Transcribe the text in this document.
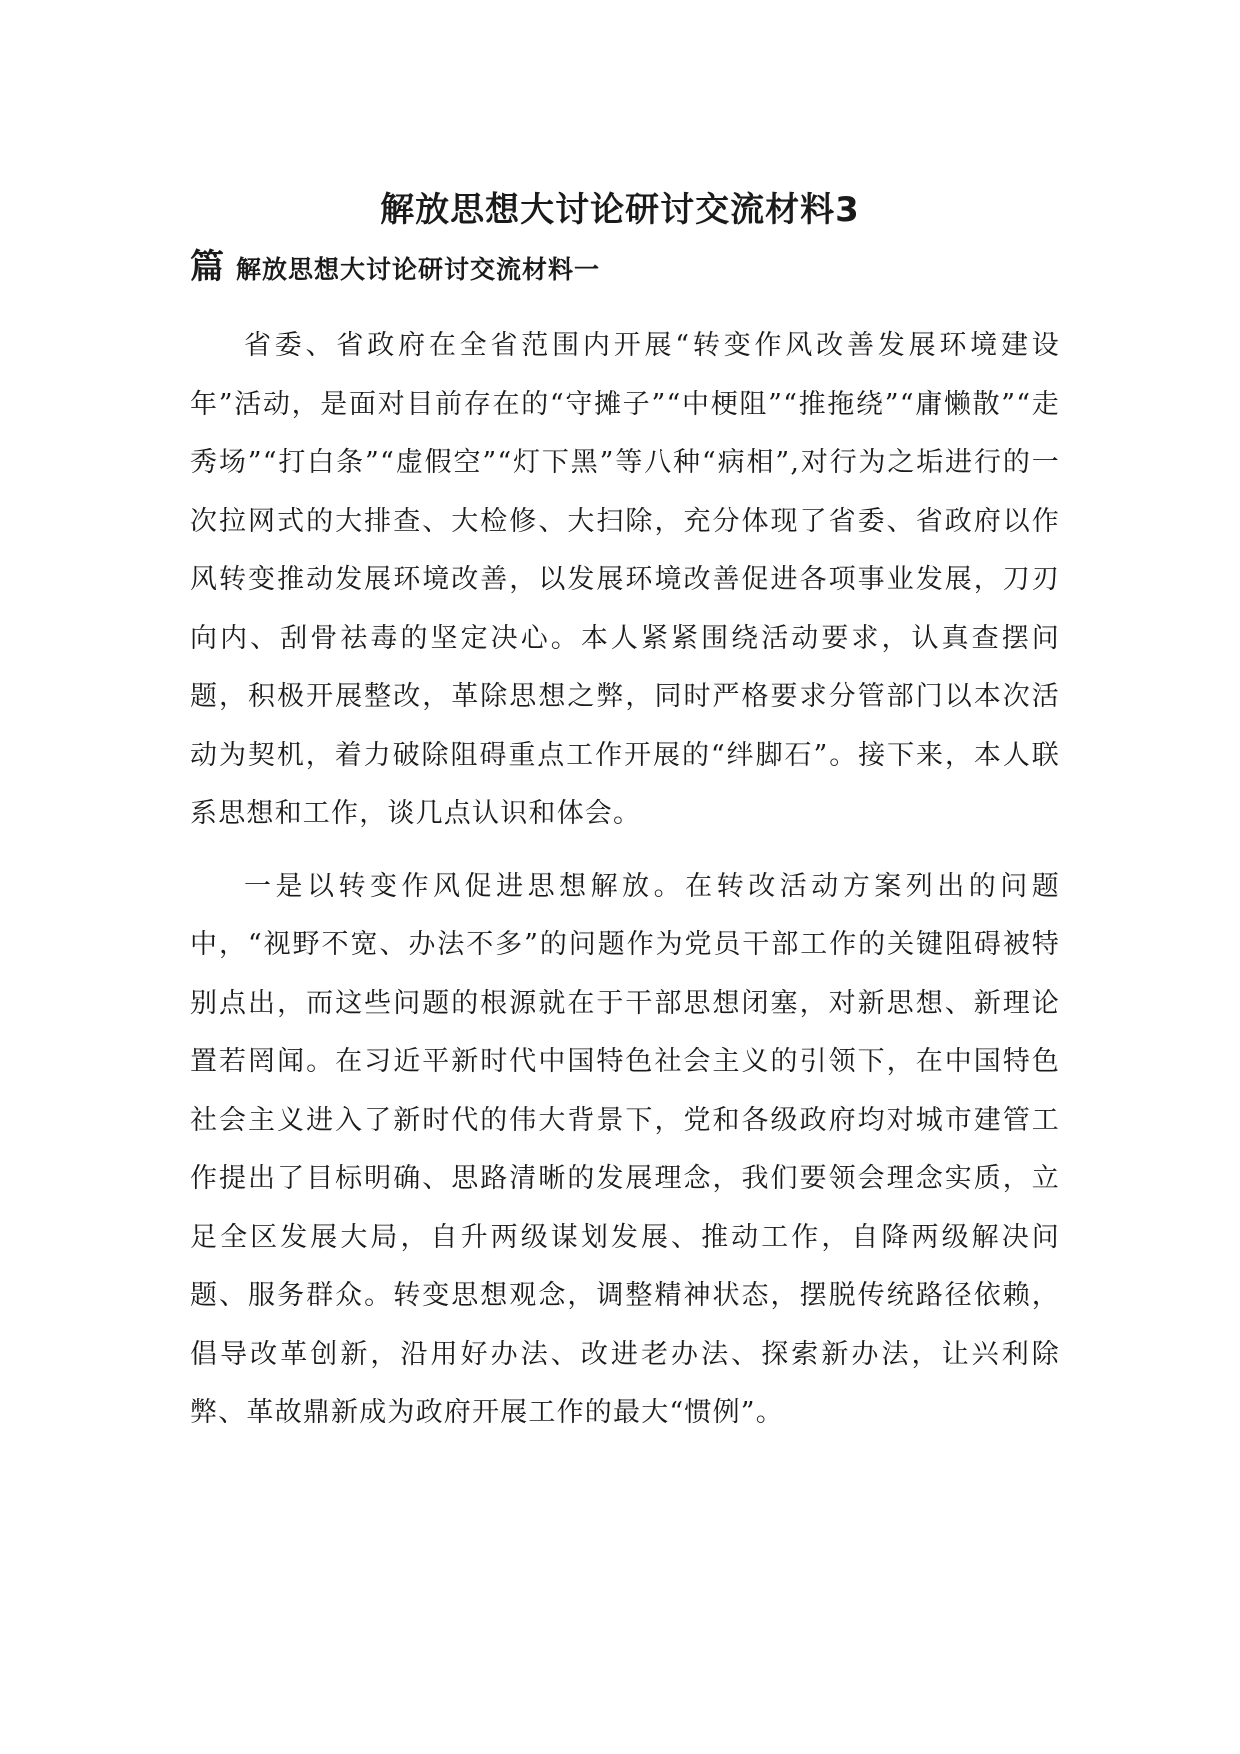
解放思想大讨论研讨交流材料3
篇 解放思想大讨论研讨交流材料一

省委、省政府在全省范围内开展“转变作风改善发展环境建设年”活动，是面对目前存在的“守摊子”“中梗阻”“推拖绕”“庸懒散”“走秀场”“打白条”“虚假空”“灯下黑”等八种“病相”,对行为之垢进行的一次拉网式的大排查、大检修、大扫除，充分体现了省委、省政府以作风转变推动发展环境改善，以发展环境改善促进各项事业发展，刀刃向内、刮骨祛毒的坚定决心。本人紧紧围绕活动要求，认真查摆问题，积极开展整改，革除思想之弊，同时严格要求分管部门以本次活动为契机，着力破除阻碍重点工作开展的“绊脚石”。接下来，本人联系思想和工作，谈几点认识和体会。

一是以转变作风促进思想解放。在转改活动方案列出的问题中，“视野不宽、办法不多”的问题作为党员干部工作的关键阻碍被特别点出，而这些问题的根源就在于干部思想闭塞，对新思想、新理论置若罔闻。在习近平新时代中国特色社会主义的引领下，在中国特色社会主义进入了新时代的伟大背景下，党和各级政府均对城市建管工作提出了目标明确、思路清晰的发展理念，我们要领会理念实质，立足全区发展大局，自升两级谋划发展、推动工作，自降两级解决问题、服务群众。转变思想观念，调整精神状态，摆脱传统路径依赖，倡导改革创新，沿用好办法、改进老办法、探索新办法，让兴利除弊、革故鼎新成为政府开展工作的最大“惯例”。
